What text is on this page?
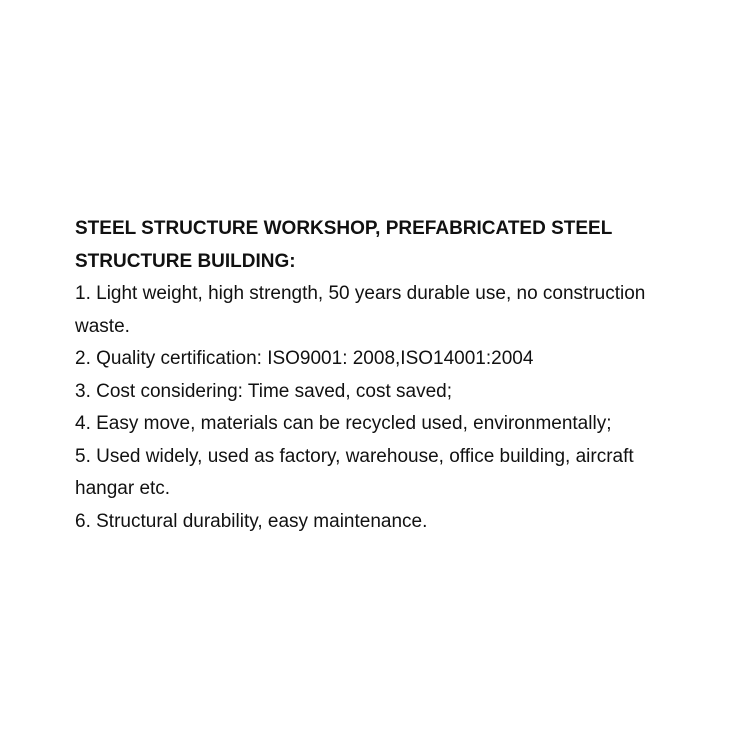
STEEL STRUCTURE WORKSHOP, PREFABRICATED STEEL

STRUCTURE BUILDING:

1. Light weight, high strength, 50 years durable use, no construction

waste.

2. Quality certification: ISO9001: 2008,ISO14001:2004

3. Cost considering: Time saved, cost saved;

4. Easy move, materials can be recycled used, environmentally;

5. Used widely, used as factory, warehouse, office building, aircraft

hangar etc.

6. Structural durability, easy maintenance.
